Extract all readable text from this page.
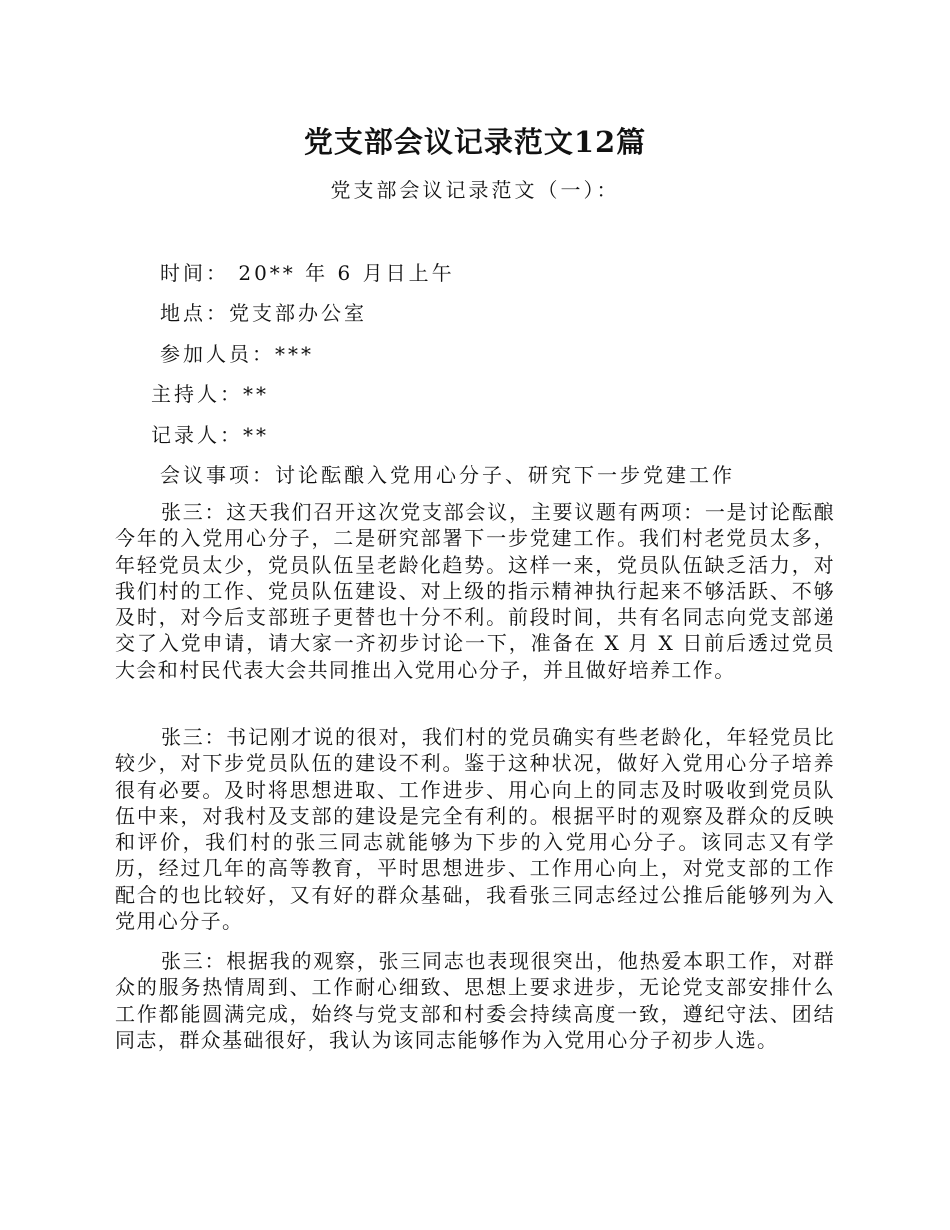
党支部会议记录范文12篇
党支部会议记录范文（一）：
时间： 20** 年 6 月日上午
地点：党支部办公室
参加人员：***
主持人：**
记录人：**
会议事项：讨论酝酿入党用心分子、研究下一步党建工作

张三：这天我们召开这次党支部会议，主要议题有两项：一是讨论酝酿今年的入党用心分子，二是研究部署下一步党建工作。我们村老党员太多，年轻党员太少，党员队伍呈老龄化趋势。这样一来，党员队伍缺乏活力，对我们村的工作、党员队伍建设、对上级的指示精神执行起来不够活跃、不够及时，对今后支部班子更替也十分不利。前段时间，共有名同志向党支部递交了入党申请，请大家一齐初步讨论一下，准备在 X 月 X 日前后透过党员大会和村民代表大会共同推出入党用心分子，并且做好培养工作。

张三：书记刚才说的很对，我们村的党员确实有些老龄化，年轻党员比较少，对下步党员队伍的建设不利。鉴于这种状况，做好入党用心分子培养很有必要。及时将思想进取、工作进步、用心向上的同志及时吸收到党员队伍中来，对我村及支部的建设是完全有利的。根据平时的观察及群众的反映和评价，我们村的张三同志就能够为下步的入党用心分子。该同志又有学历，经过几年的高等教育，平时思想进步、工作用心向上，对党支部的工作配合的也比较好，又有好的群众基础，我看张三同志经过公推后能够列为入党用心分子。

张三：根据我的观察，张三同志也表现很突出，他热爱本职工作，对群众的服务热情周到、工作耐心细致、思想上要求进步，无论党支部安排什么工作都能圆满完成，始终与党支部和村委会持续高度一致，遵纪守法、团结同志，群众基础很好，我认为该同志能够作为入党用心分子初步人选。
